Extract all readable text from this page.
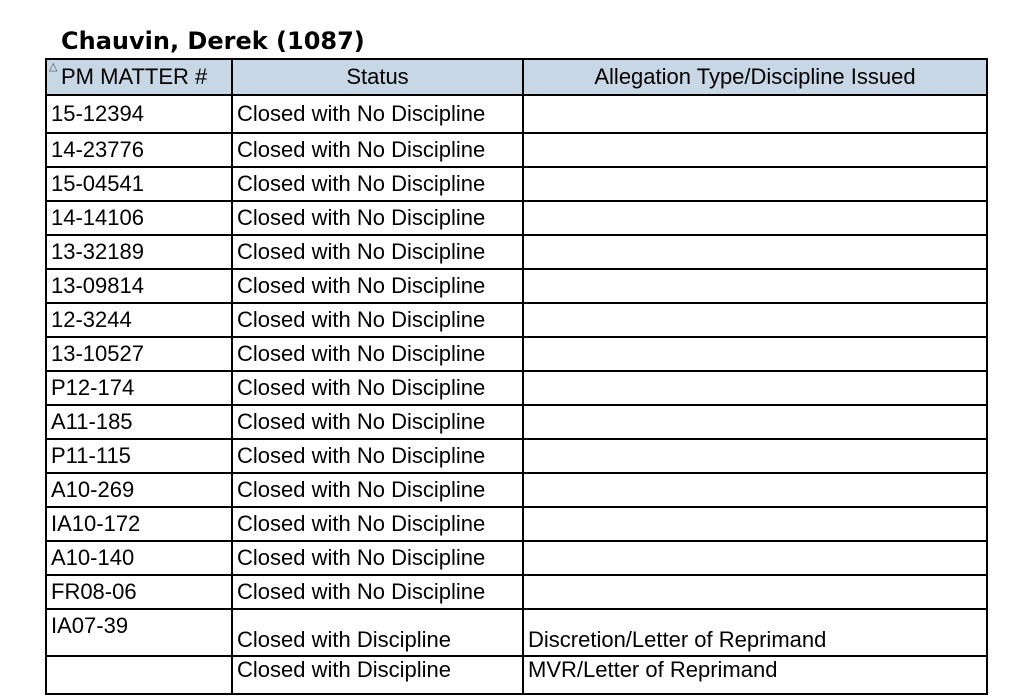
Chauvin, Derek (1087)
△ PM MATTER #	Status	Allegation Type/Discipline Issued
15-12394	Closed with No Discipline	
14-23776	Closed with No Discipline	
15-04541	Closed with No Discipline	
14-14106	Closed with No Discipline	
13-32189	Closed with No Discipline	
13-09814	Closed with No Discipline	
12-3244	Closed with No Discipline	
13-10527	Closed with No Discipline	
P12-174	Closed with No Discipline	
A11-185	Closed with No Discipline	
P11-115	Closed with No Discipline	
A10-269	Closed with No Discipline	
IA10-172	Closed with No Discipline	
A10-140	Closed with No Discipline	
FR08-06	Closed with No Discipline	
IA07-39	Closed with Discipline	Discretion/Letter of Reprimand
	Closed with Discipline	MVR/Letter of Reprimand
